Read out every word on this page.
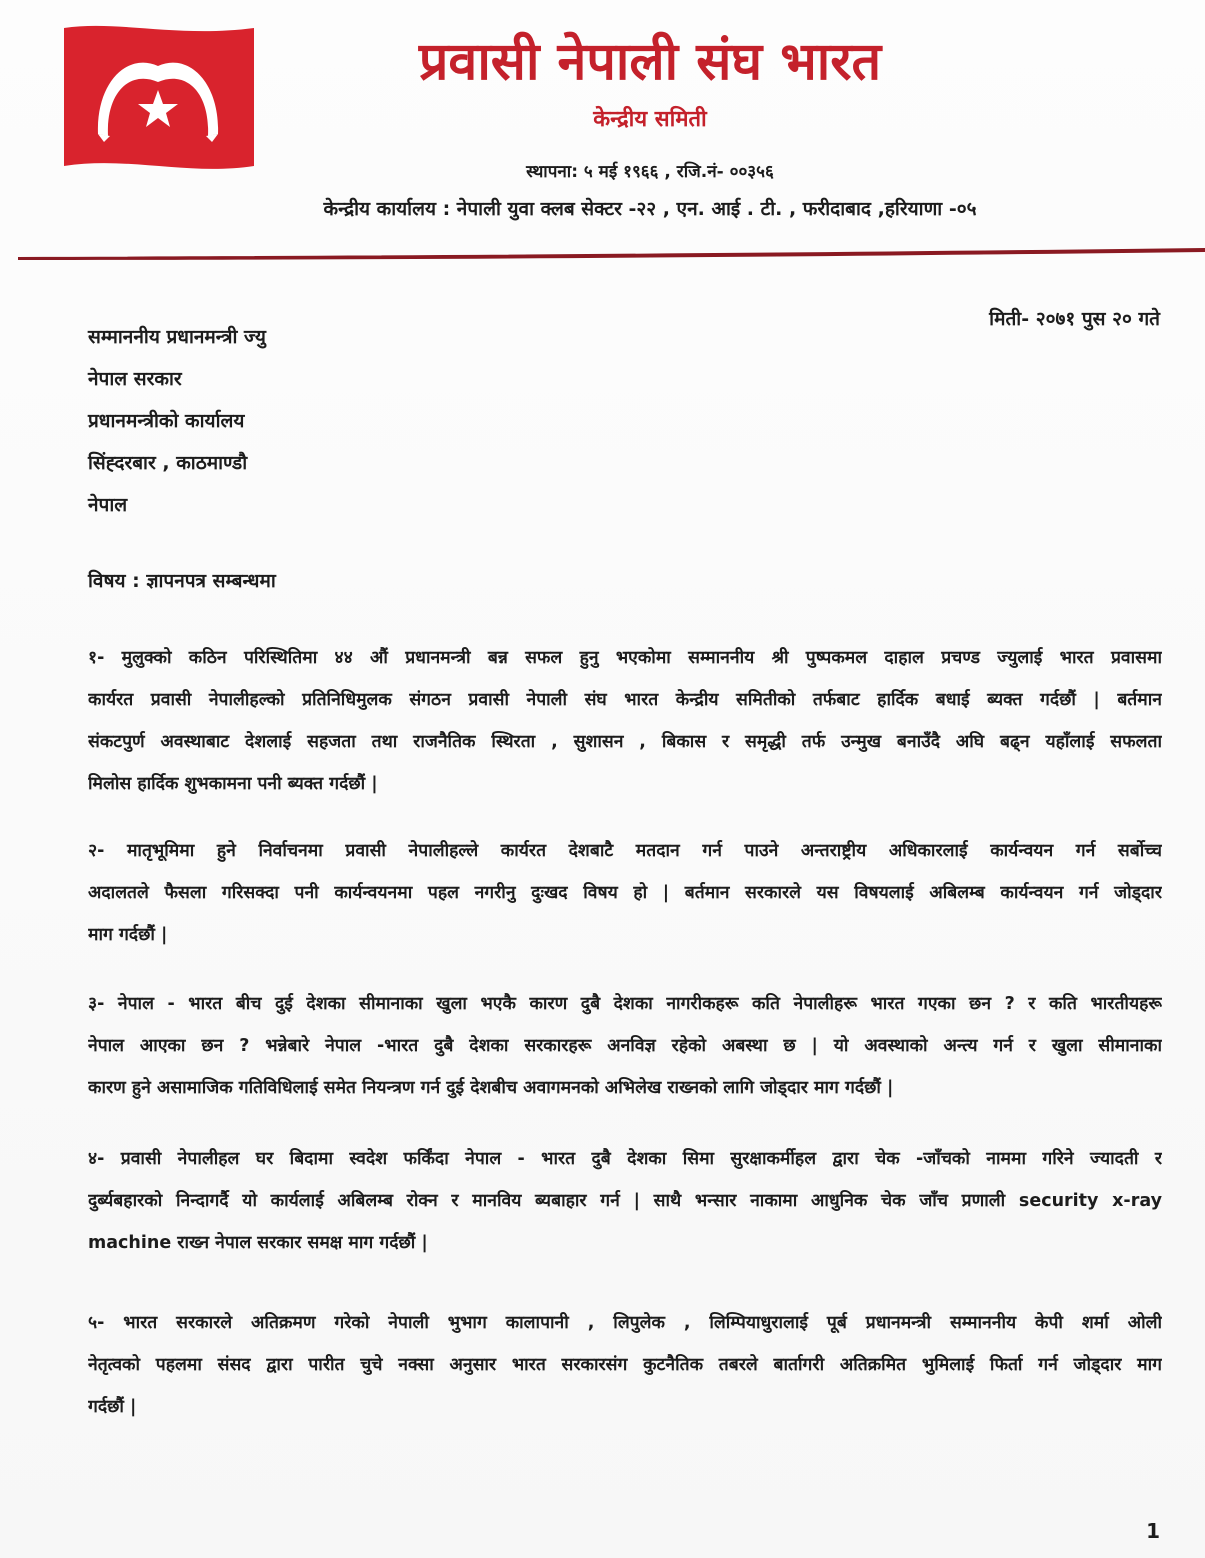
प्रवासी नेपाली संघ भारत
केन्द्रीय समिती
स्थापना: ५ मई १९६६ , रजि.नं- ००३५६
केन्द्रीय कार्यालय : नेपाली युवा क्लब सेक्टर -२२ , एन. आई . टी. , फरीदाबाद ,हरियाणा -०५
मिती- २०७१ पुस २० गते
सम्माननीय प्रधानमन्त्री ज्यु
नेपाल सरकार
प्रधानमन्त्रीको कार्यालय
सिंह्दरबार , काठमाण्डौ
नेपाल
विषय : ज्ञापनपत्र सम्बन्धमा
१- मुलुक्को कठिन परिस्थितिमा ४४ औं प्रधानमन्त्री बन्न सफल हुनु भएकोमा सम्माननीय श्री पुष्पकमल दाहाल प्रचण्ड ज्युलाई भारत प्रवासमा
कार्यरत प्रवासी नेपालीहल्को प्रतिनिधिमुलक संगठन प्रवासी नेपाली संघ भारत केन्द्रीय समितीको तर्फबाट हार्दिक बधाई ब्यक्त गर्दछौं | बर्तमान
संकटपुर्ण अवस्थाबाट देशलाई सहजता तथा राजनैतिक स्थिरता , सुशासन , बिकास र समृद्धी तर्फ उन्मुख बनाउँदै अघि बढ्न यहाँलाई सफलता
मिलोस हार्दिक शुभकामना पनी ब्यक्त गर्दछौं |
२- मातृभूमिमा हुने निर्वाचनमा प्रवासी नेपालीहल्ले कार्यरत देशबाटै मतदान गर्न पाउने अन्तराष्ट्रीय अधिकारलाई कार्यन्वयन गर्न सर्बोच्च
अदालतले फैसला गरिसक्दा पनी कार्यन्वयनमा पहल नगरीनु दुःखद विषय हो | बर्तमान सरकारले यस विषयलाई अबिलम्ब कार्यन्वयन गर्न जोड्दार
माग गर्दछौं |
३- नेपाल - भारत बीच दुई देशका सीमानाका खुला भएकै कारण दुबै देशका नागरीकहरू कति नेपालीहरू भारत गएका छन ? र कति भारतीयहरू
नेपाल आएका छन ? भन्नेबारे नेपाल -भारत दुबै देशका सरकारहरू अनविज्ञ रहेको अबस्था छ | यो अवस्थाको अन्त्य गर्न र खुला सीमानाका
कारण हुने असामाजिक गतिविधिलाई समेत नियन्त्रण गर्न दुई देशबीच अवागमनको अभिलेख राख्नको लागि जोड्दार माग गर्दछौं |
४- प्रवासी नेपालीहल घर बिदामा स्वदेश फर्किंदा नेपाल - भारत दुबै देशका सिमा सुरक्षाकर्मीहल द्वारा चेक -जाँचको नाममा गरिने ज्यादती र
दुर्ब्यबहारको निन्दागर्दै यो कार्यलाई अबिलम्ब रोक्न र मानविय ब्यबाहार गर्न | साथै भन्सार नाकामा आधुनिक चेक जाँच प्रणाली security x-ray
machine राख्न नेपाल सरकार समक्ष माग गर्दछौं |
५- भारत सरकारले अतिक्रमण गरेको नेपाली भुभाग कालापानी , लिपुलेक , लिम्पियाधुरालाई पूर्ब प्रधानमन्त्री सम्माननीय केपी शर्मा ओली
नेतृत्वको पहलमा संसद द्वारा पारीत चुचे नक्सा अनुसार भारत सरकारसंग कुटनैतिक तबरले बार्तागरी अतिक्रमित भुमिलाई फिर्ता गर्न जोड्दार माग
गर्दछौं |
1
